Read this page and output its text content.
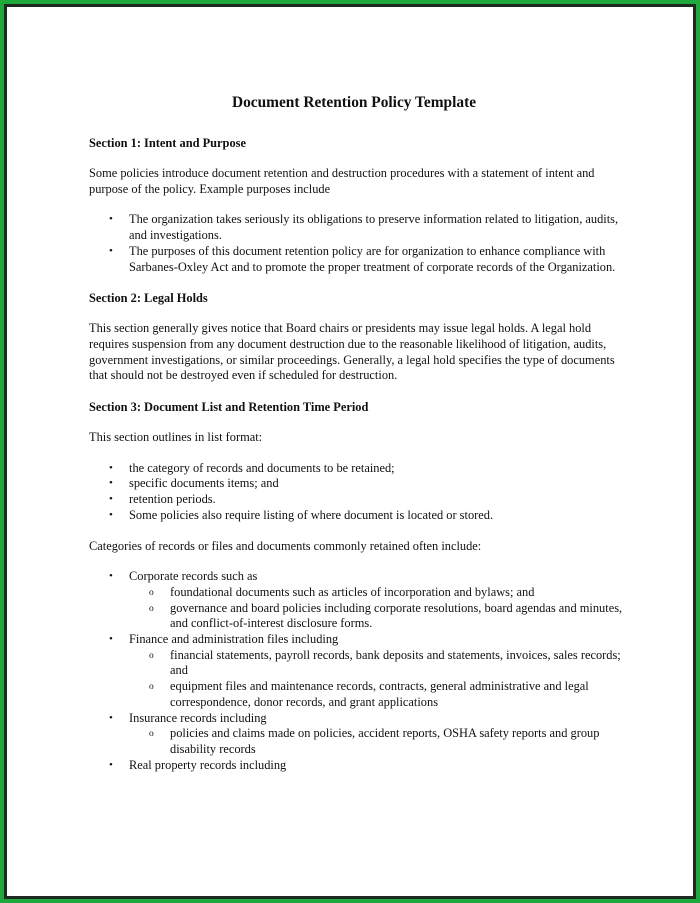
Document Retention Policy Template
Section 1: Intent and Purpose

Some policies introduce document retention and destruction procedures with a statement of intent and purpose of the policy. Example purposes include

• The organization takes seriously its obligations to preserve information related to litigation, audits, and investigations.
• The purposes of this document retention policy are for organization to enhance compliance with Sarbanes-Oxley Act and to promote the proper treatment of corporate records of the Organization.
Section 2: Legal Holds

This section generally gives notice that Board chairs or presidents may issue legal holds. A legal hold requires suspension from any document destruction due to the reasonable likelihood of litigation, audits, government investigations, or similar proceedings. Generally, a legal hold specifies the type of documents that should not be destroyed even if scheduled for destruction.

Section 3: Document List and Retention Time Period

This section outlines in list format:

• the category of records and documents to be retained;
• specific documents items; and
• retention periods.
• Some policies also require listing of where document is located or stored.

Categories of records or files and documents commonly retained often include:

• Corporate records such as
o foundational documents such as articles of incorporation and bylaws; and
o governance and board policies including corporate resolutions, board agendas and minutes, and conflict-of-interest disclosure forms.
• Finance and administration files including
o financial statements, payroll records, bank deposits and statements, invoices, sales records; and
o equipment files and maintenance records, contracts, general administrative and legal correspondence, donor records, and grant applications
• Insurance records including
o policies and claims made on policies, accident reports, OSHA safety reports and group disability records
• Real property records including
